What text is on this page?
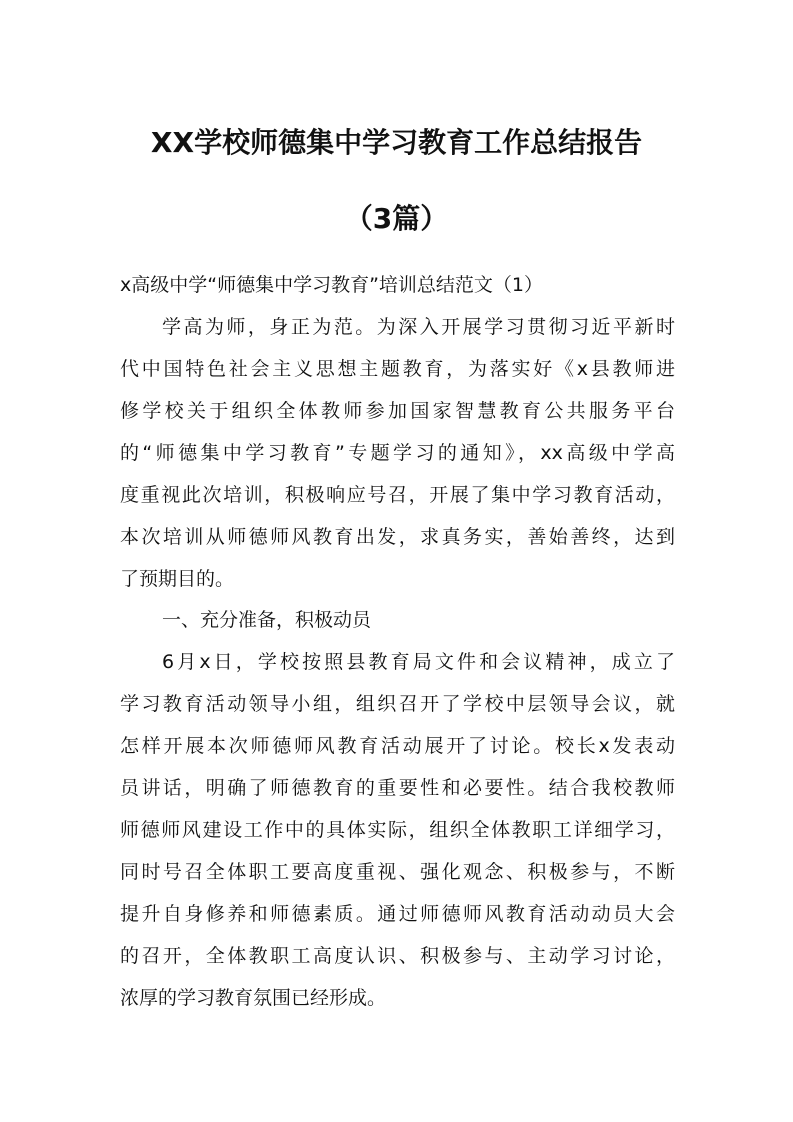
XX学校师德集中学习教育工作总结报告
（3篇）
x高级中学“师德集中学习教育”培训总结范文（1）
学高为师，身正为范。为深入开展学习贯彻习近平新时
代中国特色社会主义思想主题教育，为落实好《x县教师进
修学校关于组织全体教师参加国家智慧教育公共服务平台
的“师德集中学习教育”专题学习的通知》，xx高级中学高
度重视此次培训，积极响应号召，开展了集中学习教育活动，
本次培训从师德师风教育出发，求真务实，善始善终，达到
了预期目的。
一、充分准备，积极动员
6月x日，学校按照县教育局文件和会议精神，成立了
学习教育活动领导小组，组织召开了学校中层领导会议，就
怎样开展本次师德师风教育活动展开了讨论。校长x发表动
员讲话，明确了师德教育的重要性和必要性。结合我校教师
师德师风建设工作中的具体实际，组织全体教职工详细学习，
同时号召全体职工要高度重视、强化观念、积极参与，不断
提升自身修养和师德素质。通过师德师风教育活动动员大会
的召开，全体教职工高度认识、积极参与、主动学习讨论，
浓厚的学习教育氛围已经形成。
